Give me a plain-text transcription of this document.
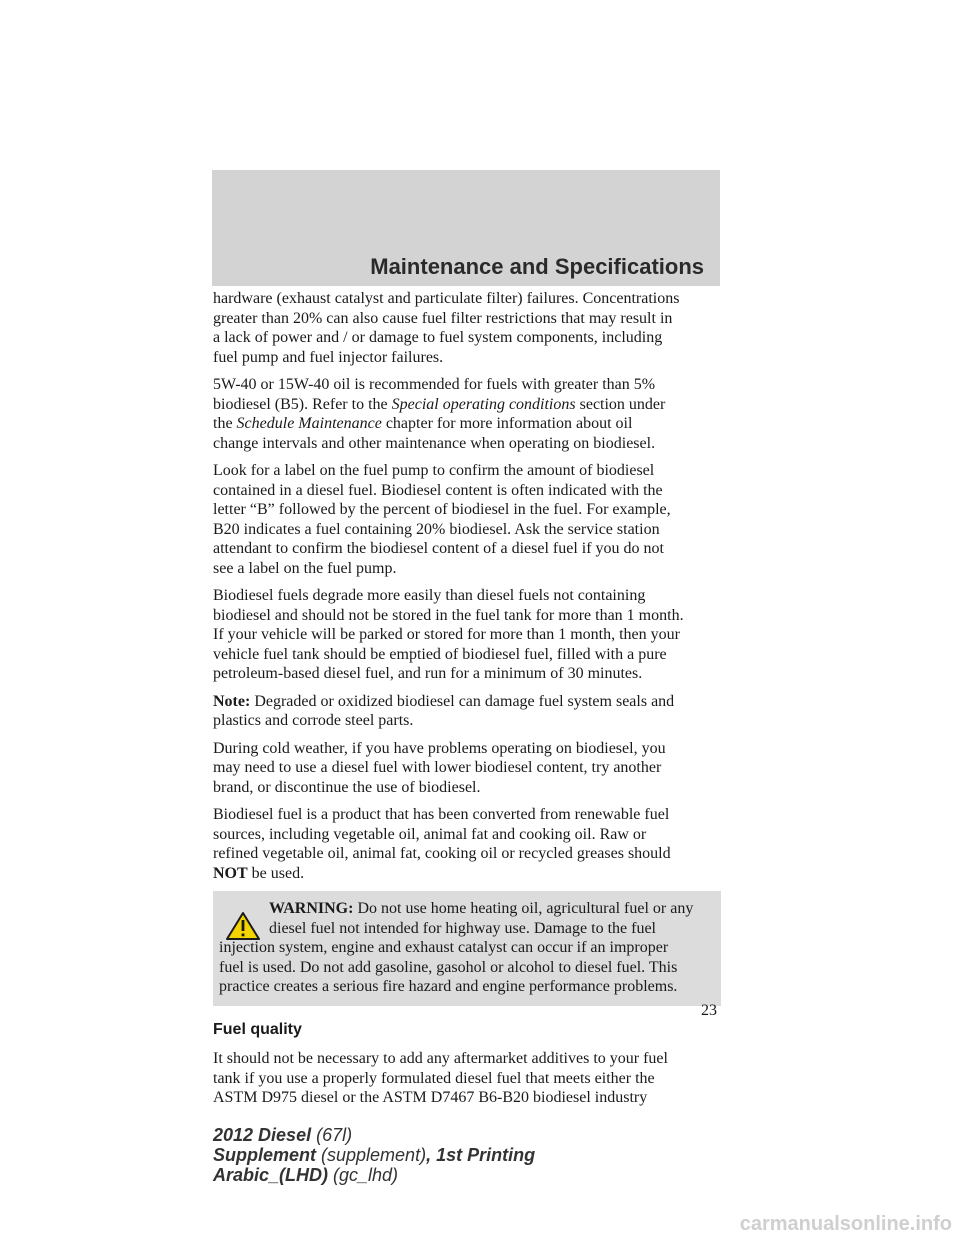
Maintenance and Specifications

hardware (exhaust catalyst and particulate filter) failures. Concentrations
greater than 20% can also cause fuel filter restrictions that may result in
a lack of power and / or damage to fuel system components, including
fuel pump and fuel injector failures.

5W-40 or 15W-40 oil is recommended for fuels with greater than 5%
biodiesel (B5). Refer to the Special operating conditions section under
the Schedule Maintenance chapter for more information about oil
change intervals and other maintenance when operating on biodiesel.

Look for a label on the fuel pump to confirm the amount of biodiesel
contained in a diesel fuel. Biodiesel content is often indicated with the
letter “B” followed by the percent of biodiesel in the fuel. For example,
B20 indicates a fuel containing 20% biodiesel. Ask the service station
attendant to confirm the biodiesel content of a diesel fuel if you do not
see a label on the fuel pump.

Biodiesel fuels degrade more easily than diesel fuels not containing
biodiesel and should not be stored in the fuel tank for more than 1 month.
If your vehicle will be parked or stored for more than 1 month, then your
vehicle fuel tank should be emptied of biodiesel fuel, filled with a pure
petroleum-based diesel fuel, and run for a minimum of 30 minutes.

Note: Degraded or oxidized biodiesel can damage fuel system seals and
plastics and corrode steel parts.

During cold weather, if you have problems operating on biodiesel, you
may need to use a diesel fuel with lower biodiesel content, try another
brand, or discontinue the use of biodiesel.

Biodiesel fuel is a product that has been converted from renewable fuel
sources, including vegetable oil, animal fat and cooking oil. Raw or
refined vegetable oil, animal fat, cooking oil or recycled greases should
NOT be used.

WARNING: Do not use home heating oil, agricultural fuel or any
diesel fuel not intended for highway use. Damage to the fuel
injection system, engine and exhaust catalyst can occur if an improper
fuel is used. Do not add gasoline, gasohol or alcohol to diesel fuel. This
practice creates a serious fire hazard and engine performance problems.
Fuel quality

It should not be necessary to add any aftermarket additives to your fuel
tank if you use a properly formulated diesel fuel that meets either the
ASTM D975 diesel or the ASTM D7467 B6-B20 biodiesel industry

23
2012 Diesel (67l)
Supplement (supplement), 1st Printing
Arabic_(LHD) (gc_lhd)
carmanualsonline.info
